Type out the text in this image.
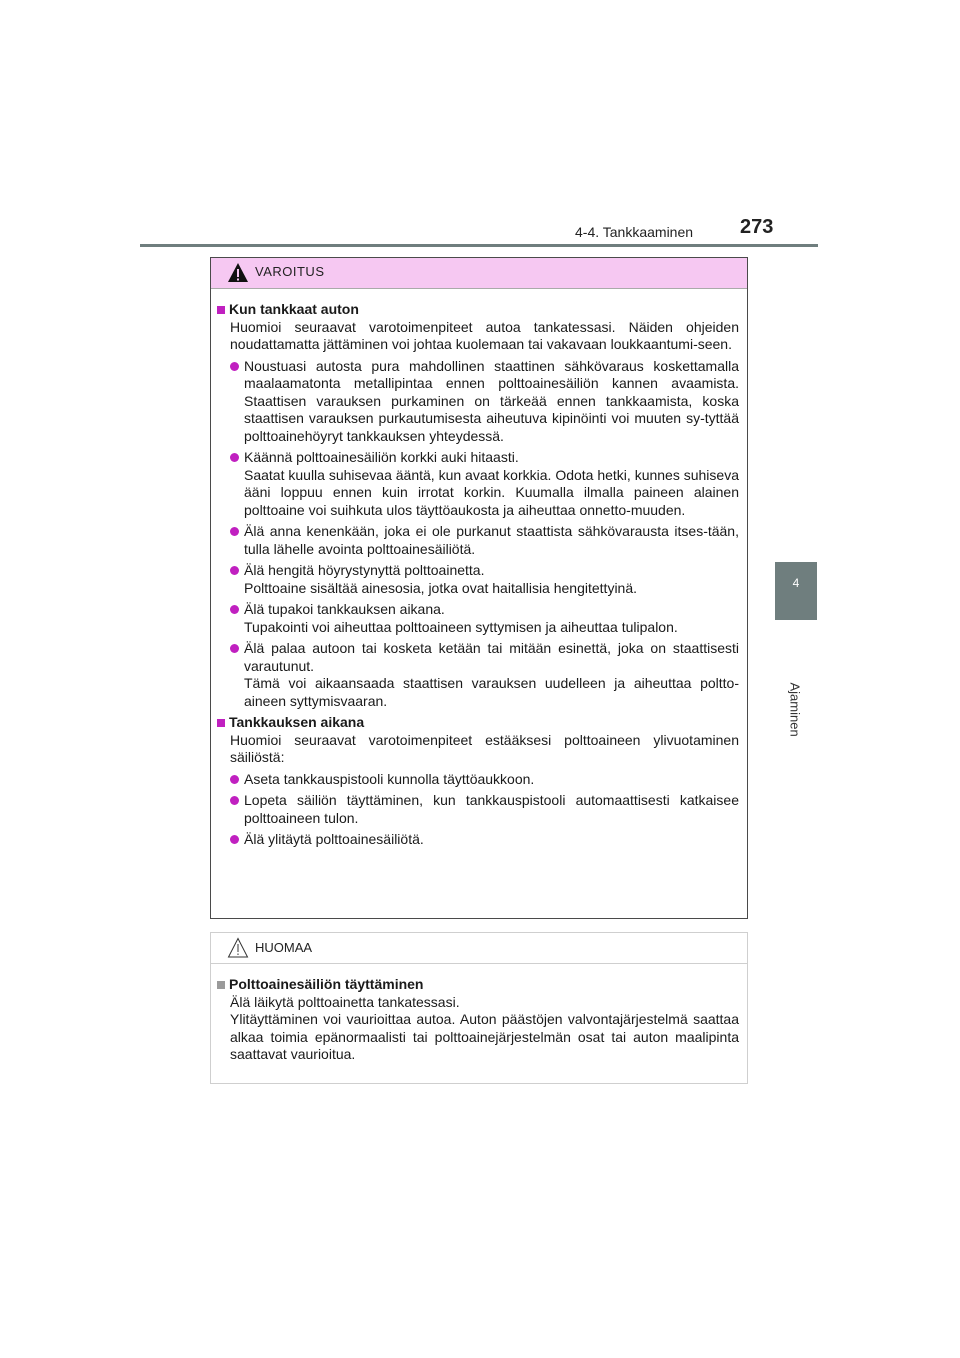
4-4. Tankkaaminen 273
4
Ajaminen
VAROITUS
Kun tankkaat auton
Huomioi seuraavat varotoimenpiteet autoa tankatessasi. Näiden ohjeiden noudattamatta jättäminen voi johtaa kuolemaan tai vakavaan loukkaantumi-seen.
Noustuasi autosta pura mahdollinen staattinen sähkövaraus koskettamalla maalaamatonta metallipintaa ennen polttoainesäiliön kannen avaamista. Staattisen varauksen purkaminen on tärkeää ennen tankkaamista, koska staattisen varauksen purkautumisesta aiheutuva kipinöinti voi muuten sy-tyttää polttoainehöyryt tankkauksen yhteydessä.
Käännä polttoainesäiliön korkki auki hitaasti.
Saatat kuulla suhisevaa ääntä, kun avaat korkkia. Odota hetki, kunnes suhiseva ääni loppuu ennen kuin irrotat korkin. Kuumalla ilmalla paineen alainen polttoaine voi suihkuta ulos täyttöaukosta ja aiheuttaa onnetto-muuden.
Älä anna kenenkään, joka ei ole purkanut staattista sähkövarausta itses-tään, tulla lähelle avointa polttoainesäiliötä.
Älä hengitä höyrystynyttä polttoainetta.
Polttoaine sisältää ainesosia, jotka ovat haitallisia hengitettyinä.
Älä tupakoi tankkauksen aikana.
Tupakointi voi aiheuttaa polttoaineen syttymisen ja aiheuttaa tulipalon.
Älä palaa autoon tai kosketa ketään tai mitään esinettä, joka on staattisesti varautunut.
Tämä voi aikaansaada staattisen varauksen uudelleen ja aiheuttaa poltto-aineen syttymisvaaran.
Tankkauksen aikana
Huomioi seuraavat varotoimenpiteet estääksesi polttoaineen ylivuotaminen säiliöstä:
Aseta tankkauspistooli kunnolla täyttöaukkoon.
Lopeta säiliön täyttäminen, kun tankkauspistooli automaattisesti katkaisee polttoaineen tulon.
Älä ylitäytä polttoainesäiliötä.
HUOMAA
Polttoainesäiliön täyttäminen
Älä läikytä polttoainetta tankatessasi.
Ylitäyttäminen voi vaurioittaa autoa. Auton päästöjen valvontajärjestelmä saattaa alkaa toimia epänormaalisti tai polttoainejärjestelmän osat tai auton maalipinta saattavat vaurioitua.
